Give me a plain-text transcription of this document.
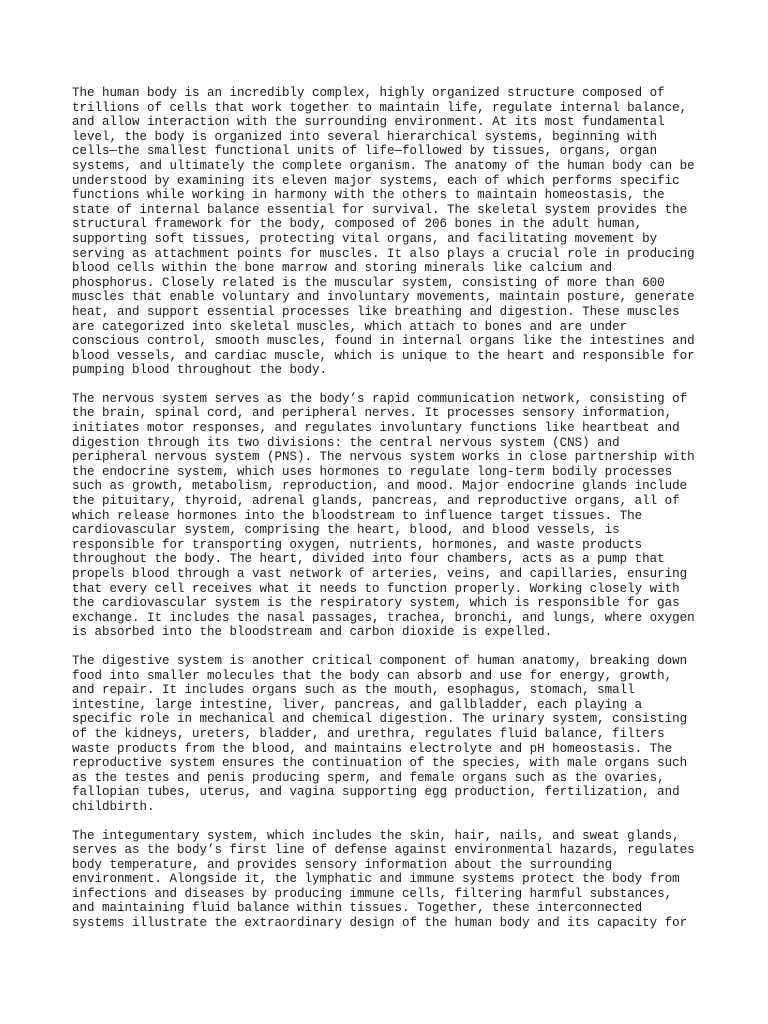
The human body is an incredibly complex, highly organized structure composed of
trillions of cells that work together to maintain life, regulate internal balance,
and allow interaction with the surrounding environment. At its most fundamental
level, the body is organized into several hierarchical systems, beginning with
cells—the smallest functional units of life—followed by tissues, organs, organ
systems, and ultimately the complete organism. The anatomy of the human body can be
understood by examining its eleven major systems, each of which performs specific
functions while working in harmony with the others to maintain homeostasis, the
state of internal balance essential for survival. The skeletal system provides the
structural framework for the body, composed of 206 bones in the adult human,
supporting soft tissues, protecting vital organs, and facilitating movement by
serving as attachment points for muscles. It also plays a crucial role in producing
blood cells within the bone marrow and storing minerals like calcium and
phosphorus. Closely related is the muscular system, consisting of more than 600
muscles that enable voluntary and involuntary movements, maintain posture, generate
heat, and support essential processes like breathing and digestion. These muscles
are categorized into skeletal muscles, which attach to bones and are under
conscious control, smooth muscles, found in internal organs like the intestines and
blood vessels, and cardiac muscle, which is unique to the heart and responsible for
pumping blood throughout the body.

The nervous system serves as the body’s rapid communication network, consisting of
the brain, spinal cord, and peripheral nerves. It processes sensory information,
initiates motor responses, and regulates involuntary functions like heartbeat and
digestion through its two divisions: the central nervous system (CNS) and
peripheral nervous system (PNS). The nervous system works in close partnership with
the endocrine system, which uses hormones to regulate long-term bodily processes
such as growth, metabolism, reproduction, and mood. Major endocrine glands include
the pituitary, thyroid, adrenal glands, pancreas, and reproductive organs, all of
which release hormones into the bloodstream to influence target tissues. The
cardiovascular system, comprising the heart, blood, and blood vessels, is
responsible for transporting oxygen, nutrients, hormones, and waste products
throughout the body. The heart, divided into four chambers, acts as a pump that
propels blood through a vast network of arteries, veins, and capillaries, ensuring
that every cell receives what it needs to function properly. Working closely with
the cardiovascular system is the respiratory system, which is responsible for gas
exchange. It includes the nasal passages, trachea, bronchi, and lungs, where oxygen
is absorbed into the bloodstream and carbon dioxide is expelled.

The digestive system is another critical component of human anatomy, breaking down
food into smaller molecules that the body can absorb and use for energy, growth,
and repair. It includes organs such as the mouth, esophagus, stomach, small
intestine, large intestine, liver, pancreas, and gallbladder, each playing a
specific role in mechanical and chemical digestion. The urinary system, consisting
of the kidneys, ureters, bladder, and urethra, regulates fluid balance, filters
waste products from the blood, and maintains electrolyte and pH homeostasis. The
reproductive system ensures the continuation of the species, with male organs such
as the testes and penis producing sperm, and female organs such as the ovaries,
fallopian tubes, uterus, and vagina supporting egg production, fertilization, and
childbirth.

The integumentary system, which includes the skin, hair, nails, and sweat glands,
serves as the body’s first line of defense against environmental hazards, regulates
body temperature, and provides sensory information about the surrounding
environment. Alongside it, the lymphatic and immune systems protect the body from
infections and diseases by producing immune cells, filtering harmful substances,
and maintaining fluid balance within tissues. Together, these interconnected
systems illustrate the extraordinary design of the human body and its capacity for
